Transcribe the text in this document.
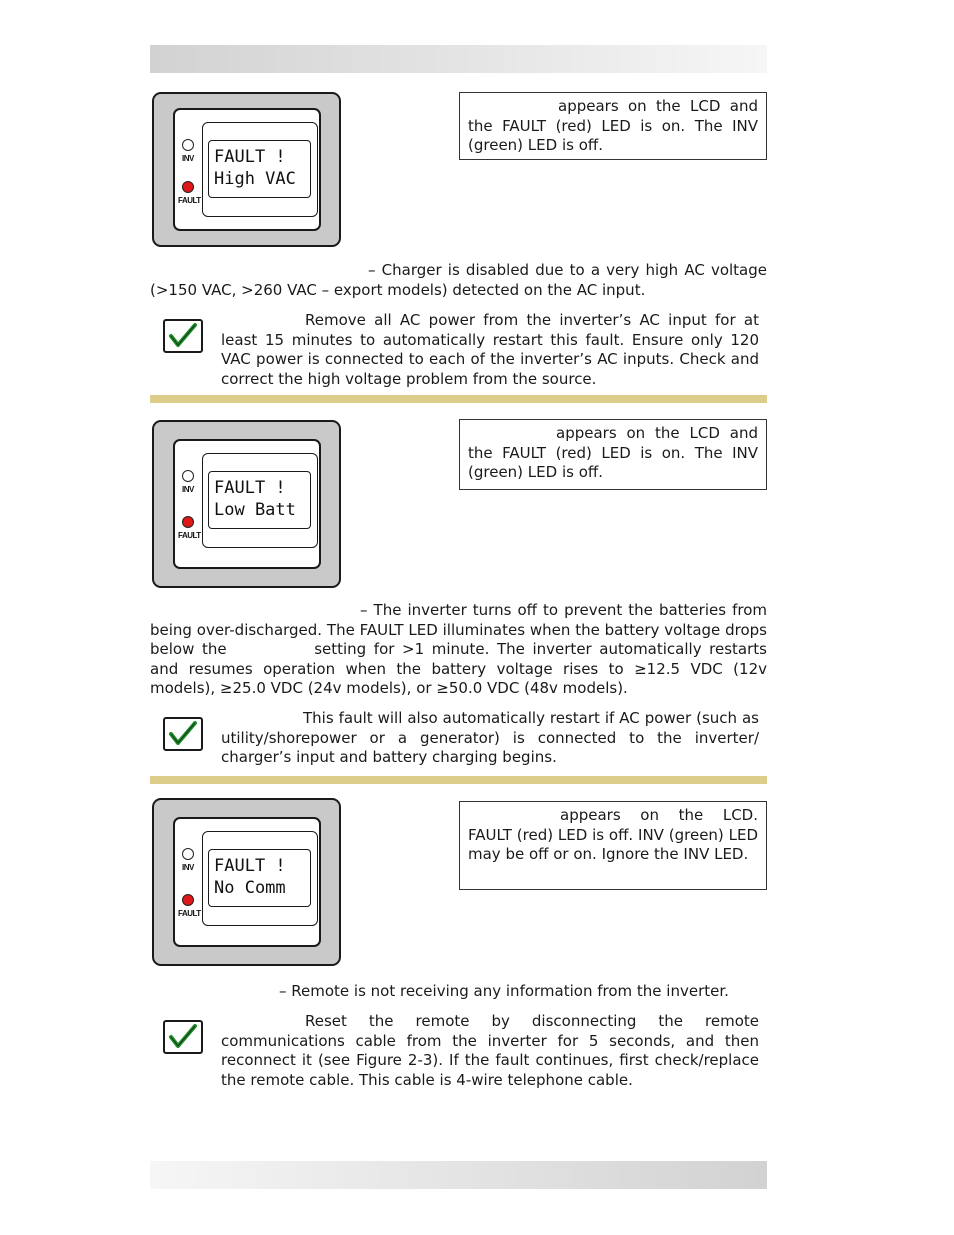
INV
FAULT
FAULT !
High VAC
appears on the LCD and the FAULT (red) LED is on. The INV (green) LED is off.

– Charger is disabled due to a very high AC voltage (>150 VAC, >260 VAC – export models) detected on the AC input.

Remove all AC power from the inverter’s AC input for at least 15 minutes to automatically restart this fault. Ensure only 120 VAC power is connected to each of the inverter’s AC inputs. Check and correct the high voltage problem from the source.

INV
FAULT
FAULT !
Low Batt
appears on the LCD and the FAULT (red) LED is on. The INV (green) LED is off.

– The inverter turns off to prevent the batteries from being over-discharged. The FAULT LED illuminates when the battery voltage drops below the	setting for >1 minute. The inverter automatically restarts and resumes operation when the battery voltage rises to ≥12.5 VDC (12v models), ≥25.0 VDC (24v models), or ≥50.0 VDC (48v models).

This fault will also automatically restart if AC power (such as utility/shorepower or a generator) is connected to the inverter/ charger’s input and battery charging begins.

INV
FAULT
FAULT !
No Comm
appears on the LCD. FAULT (red) LED is off. INV (green) LED may be off or on. Ignore the INV LED.

– Remote is not receiving any information from the inverter.

Reset the remote by disconnecting the remote communications cable from the inverter for 5 seconds, and then reconnect it (see Figure 2-3). If the fault continues, first check/replace the remote cable. This cable is 4-wire telephone cable.
